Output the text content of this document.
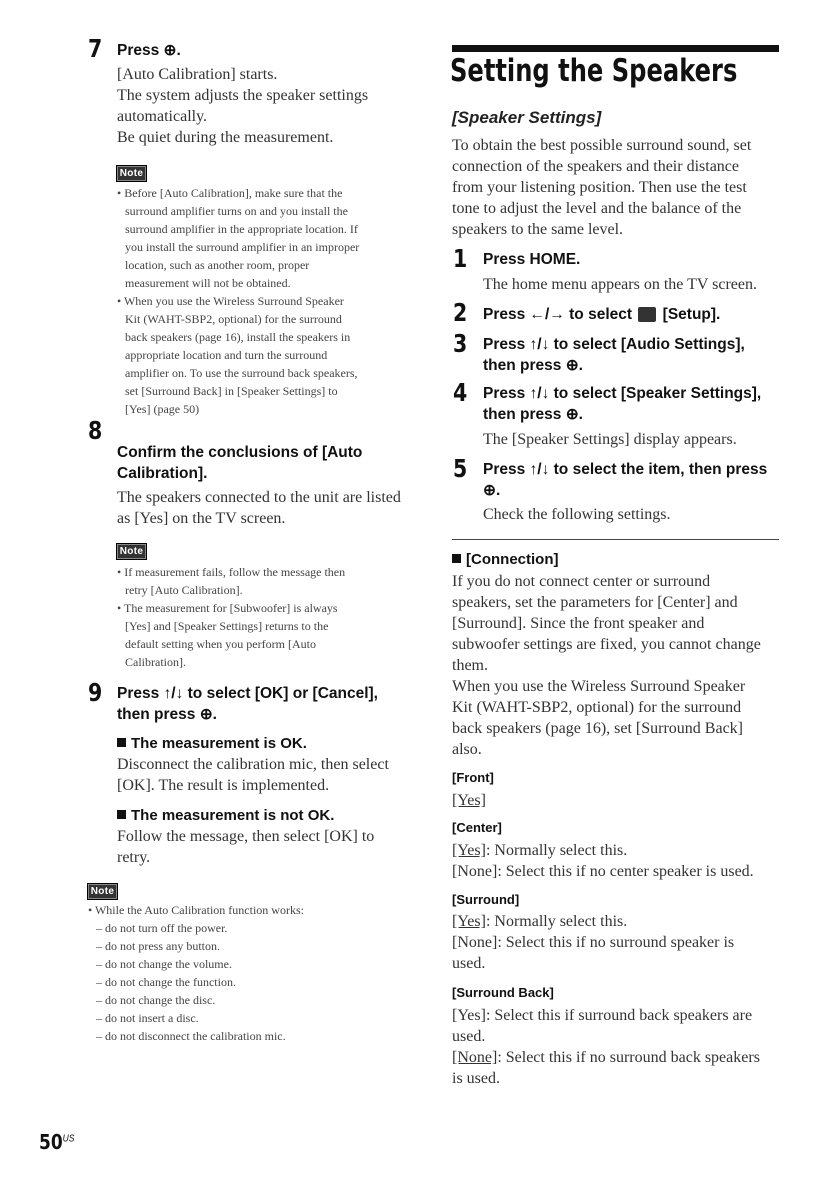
7 Press ⊕.
[Auto Calibration] starts.
The system adjusts the speaker settings
automatically.
Be quiet during the measurement.
Note
• Before [Auto Calibration], make sure that the
surround amplifier turns on and you install the
surround amplifier in the appropriate location. If
you install the surround amplifier in an improper
location, such as another room, proper
measurement will not be obtained.
• When you use the Wireless Surround Speaker
Kit (WAHT-SBP2, optional) for the surround
back speakers (page 16), install the speakers in
appropriate location and turn the surround
amplifier on. To use the surround back speakers,
set [Surround Back] in [Speaker Settings] to
[Yes] (page 50)
8
Confirm the conclusions of [Auto
Calibration].
The speakers connected to the unit are listed
as [Yes] on the TV screen.
Note
• If measurement fails, follow the message then
retry [Auto Calibration].
• The measurement for [Subwoofer] is always
[Yes] and [Speaker Settings] returns to the
default setting when you perform [Auto
Calibration].
9 Press ↑/↓ to select [OK] or [Cancel],
then press ⊕.
The measurement is OK.
Disconnect the calibration mic, then select
[OK]. The result is implemented.
The measurement is not OK.
Follow the message, then select [OK] to
retry.
Note
• While the Auto Calibration function works:
– do not turn off the power.
– do not press any button.
– do not change the volume.
– do not change the function.
– do not change the disc.
– do not insert a disc.
– do not disconnect the calibration mic.
Setting the Speakers
[Speaker Settings]
To obtain the best possible surround sound, set
connection of the speakers and their distance
from your listening position. Then use the test
tone to adjust the level and the balance of the
speakers to the same level.
1 Press HOME.
The home menu appears on the TV screen.
2 Press ←/→ to select [Setup].
3 Press ↑/↓ to select [Audio Settings],
then press ⊕.
4 Press ↑/↓ to select [Speaker Settings],
then press ⊕.
The [Speaker Settings] display appears.
5 Press ↑/↓ to select the item, then press
⊕.
Check the following settings.
[Connection]
If you do not connect center or surround
speakers, set the parameters for [Center] and
[Surround]. Since the front speaker and
subwoofer settings are fixed, you cannot change
them.
When you use the Wireless Surround Speaker
Kit (WAHT-SBP2, optional) for the surround
back speakers (page 16), set [Surround Back]
also.
[Front]
[Yes]
[Center]
[Yes]: Normally select this.
[None]: Select this if no center speaker is used.
[Surround]
[Yes]: Normally select this.
[None]: Select this if no surround speaker is
used.
[Surround Back]
[Yes]: Select this if surround back speakers are
used.
[None]: Select this if no surround back speakers
is used.
$50^{US}$
